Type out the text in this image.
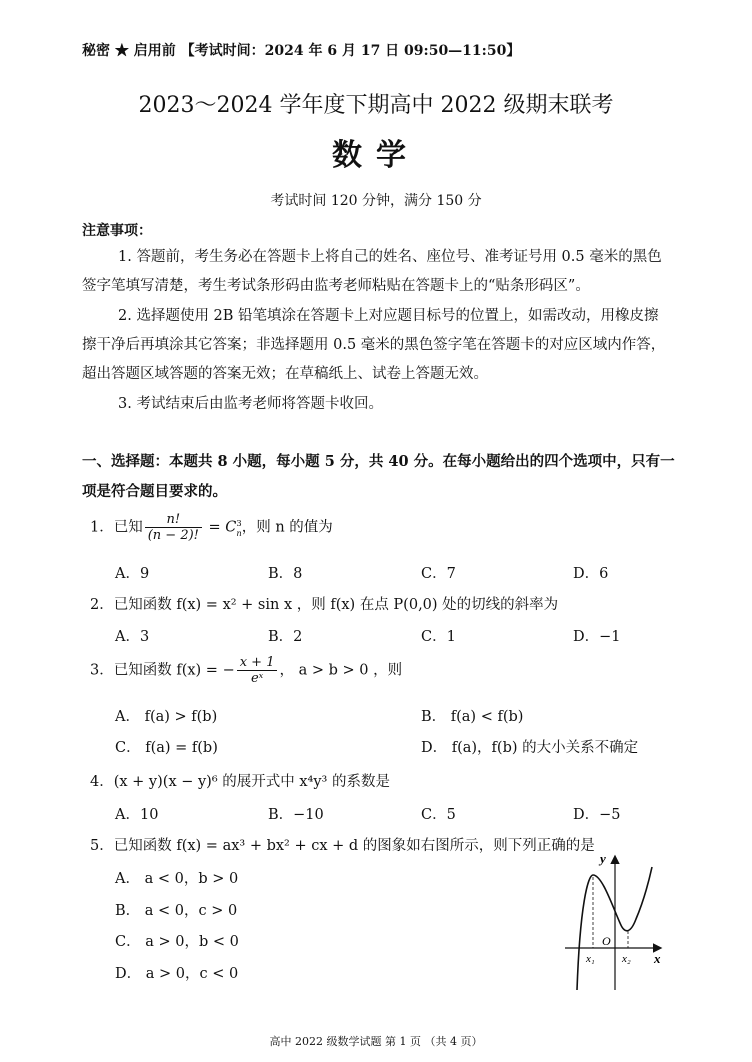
秘密 ★ 启用前 【考试时间：2024 年 6 月 17 日 09:50—11:50】
2023～2024 学年度下期高中 2022 级期末联考
数学
考试时间 120 分钟，满分 150 分
注意事项：
1. 答题前，考生务必在答题卡上将自己的姓名、座位号、准考证号用 0.5 毫米的黑色签字笔填写清楚，考生考试条形码由监考老师粘贴在答题卡上的“贴条形码区”。
2. 选择题使用 2B 铅笔填涂在答题卡上对应题目标号的位置上，如需改动，用橡皮擦擦干净后再填涂其它答案；非选择题用 0.5 毫米的黑色签字笔在答题卡的对应区域内作答，超出答题区域答题的答案无效；在草稿纸上、试卷上答题无效。
3. 考试结束后由监考老师将答题卡收回。
一、选择题：本题共 8 小题，每小题 5 分，共 40 分。在每小题给出的四个选项中，只有一项是符合题目要求的。
1．已知 $\frac{n!}{(n - 2)!} = C$ 3
n ，则 n 的值为
A．9	B．8	C．7	D．6
2．已知函数 f(x) = x² + sin x ，则 f(x) 在点 P(0,0) 处的切线的斜率为
A．3	B．2	C．1	D．−1
3．已知函数 f(x) = − $\frac{x + 1}{\text{eˣ}}$ ， a > b > 0 ，则
A． f(a) > f(b)	B． f(a) < f(b)
C． f(a) = f(b)	D． f(a)，f(b) 的大小关系不确定
4．(x + y)(x − y)⁶ 的展开式中 x⁴y³ 的系数是
A．10	B．−10	C．5	D．−5
5．已知函数 f(x) = ax³ + bx² + cx + d 的图象如右图所示，则下列正确的是
A． a < 0，b > 0
B． a < 0，c > 0
C． a > 0，b < 0
D． a > 0，c < 0
y
x
O
x₁ x₂
高中 2022 级数学试题 第 1 页 （共 4 页）
